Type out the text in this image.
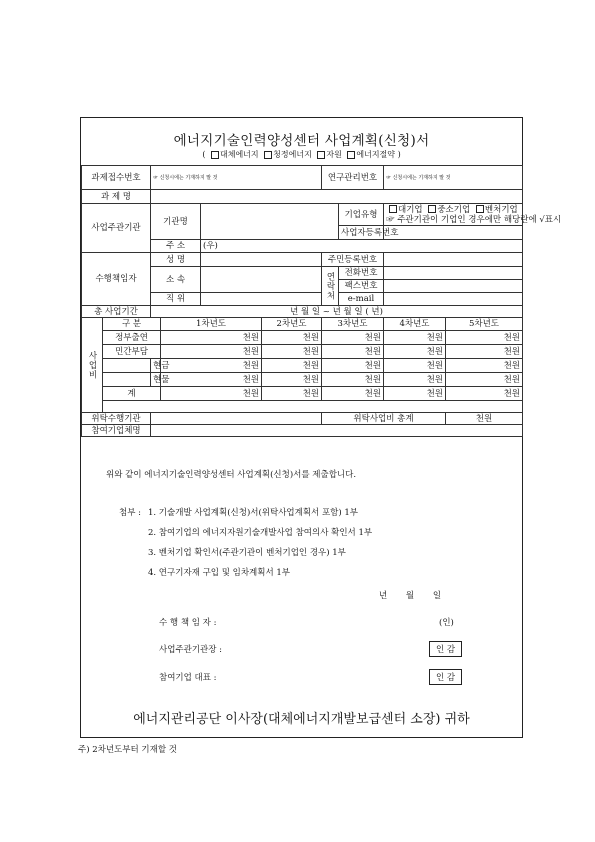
에너지기술인력양성센터 사업계획(신청)서
( 대체에너지 청정에너지 자원 에너지절약 )
과제접수번호		☞ 신청시에는 기재하지 말 것				연구관리번호		☞ 신청시에는 기재하지 말 것	
과 제 명									
사업주관기관		기관명					기업유형	대기업 중소기업 벤처기업
☞ 주관기관이 기업인 경우에만 해당란에 √표시	
							사업자등록번호		
		주 소		(우)					
수행책임자		성 명				주민등록번호			
		소 속				연락처	전화번호		
							팩스번호		
		직 위					e-mail		
총 사업기간		년 월 일 ~ 년 월 일 ( 년)							
사업비	구 분		1차년도		2차년도	3차년도		4차년도	5차년도
	정부출연		천원		천원	천원		천원	천원
	민간부담		천원		천원	천원		천원	천원
		현금	천원		천원	천원		천원	천원
		현물	천원		천원	천원		천원	천원
	계		천원		천원	천원		천원	천원

위탁수행기관						위탁사업비 총계			천원
참여기업체명									
위와 같이 에너지기술인력양성센터 사업계획(신청)서를 제출합니다.
첨부 : 1. 기술개발 사업계획(신청)서(위탁사업계획서 포함) 1부
2. 참여기업의 에너지자원기술개발사업 참여의사 확인서 1부
3. 벤처기업 확인서(주관기관이 벤처기업인 경우) 1부
4. 연구기자재 구입 및 임차계획서 1부
년 월 일
수 행 책 임 자 :	(인)
사업주관기관장 :	인 감
참여기업 대표 :	인 감
에너지관리공단 이사장(대체에너지개발보급센터 소장) 귀하
주) 2차년도부터 기재할 것
